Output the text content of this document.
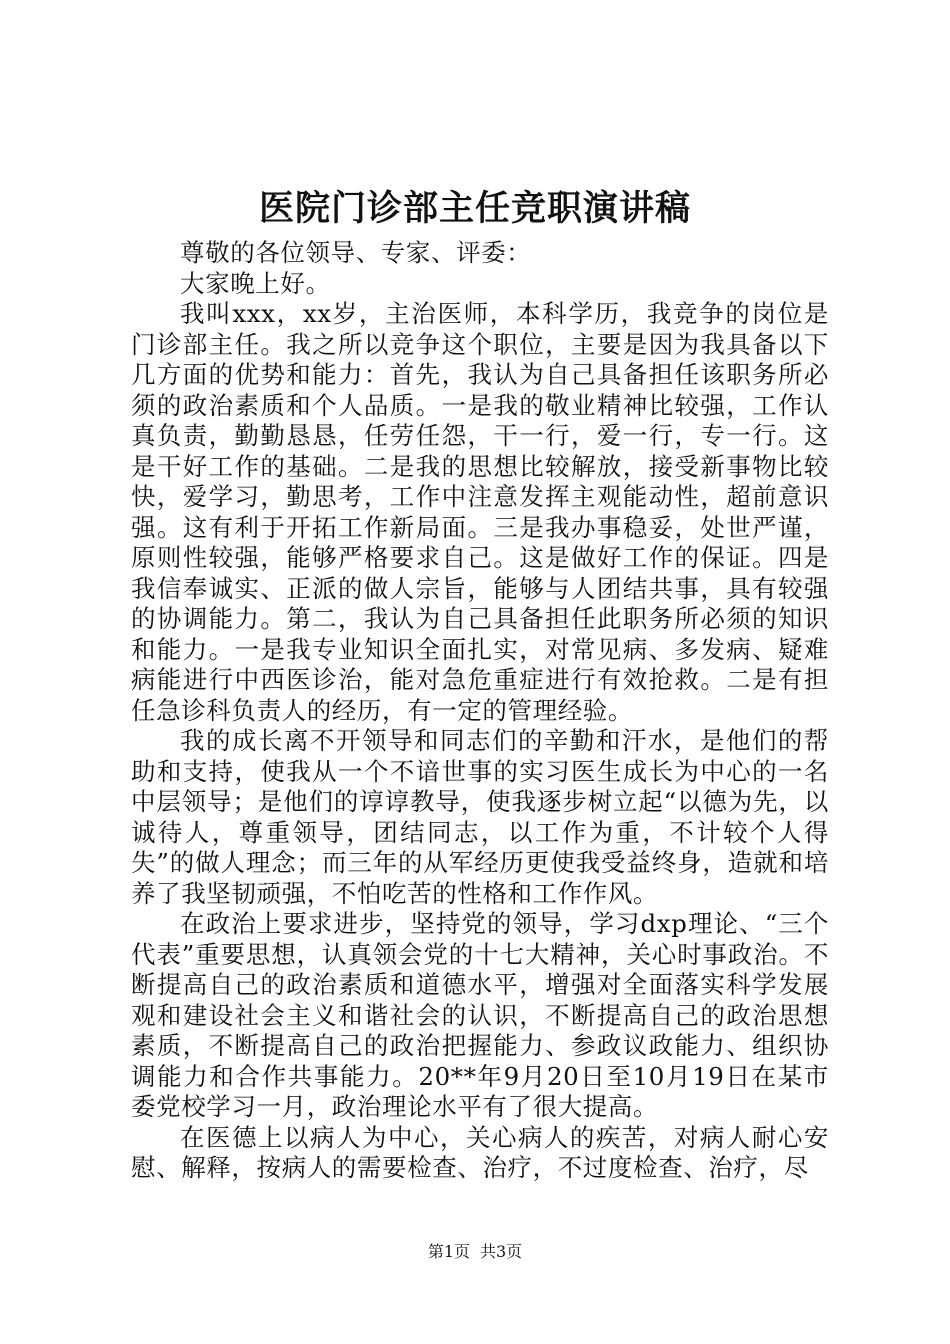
医院门诊部主任竞职演讲稿

尊敬的各位领导、专家、评委：

大家晚上好。

我叫xxx，xx岁，主治医师，本科学历，我竞争的岗位是门诊部主任。我之所以竞争这个职位，主要是因为我具备以下几方面的优势和能力：首先，我认为自己具备担任该职务所必须的政治素质和个人品质。一是我的敬业精神比较强，工作认真负责，勤勤恳恳，任劳任怨，干一行，爱一行，专一行。这是干好工作的基础。二是我的思想比较解放，接受新事物比较快，爱学习，勤思考，工作中注意发挥主观能动性，超前意识强。这有利于开拓工作新局面。三是我办事稳妥，处世严谨，原则性较强，能够严格要求自己。这是做好工作的保证。四是我信奉诚实、正派的做人宗旨，能够与人团结共事，具有较强的协调能力。第二，我认为自己具备担任此职务所必须的知识和能力。一是我专业知识全面扎实，对常见病、多发病、疑难病能进行中西医诊治，能对急危重症进行有效抢救。二是有担任急诊科负责人的经历，有一定的管理经验。

我的成长离不开领导和同志们的辛勤和汗水，是他们的帮助和支持，使我从一个不谙世事的实习医生成长为中心的一名中层领导；是他们的谆谆教导，使我逐步树立起“以德为先，以诚待人，尊重领导，团结同志，以工作为重，不计较个人得失”的做人理念；而三年的从军经历更使我受益终身，造就和培养了我坚韧顽强，不怕吃苦的性格和工作作风。

在政治上要求进步，坚持党的领导，学习dxp理论、“三个代表”重要思想，认真领会党的十七大精神，关心时事政治。不断提高自己的政治素质和道德水平，增强对全面落实科学发展观和建设社会主义和谐社会的认识，不断提高自己的政治思想素质，不断提高自己的政治把握能力、参政议政能力、组织协调能力和合作共事能力。20**年9月20日至10月19日在某市委党校学习一月，政治理论水平有了很大提高。

在医德上以病人为中心，关心病人的疾苦，对病人耐心安慰、解释，按病人的需要检查、治疗，不过度检查、治疗，尽

第1页 共3页
